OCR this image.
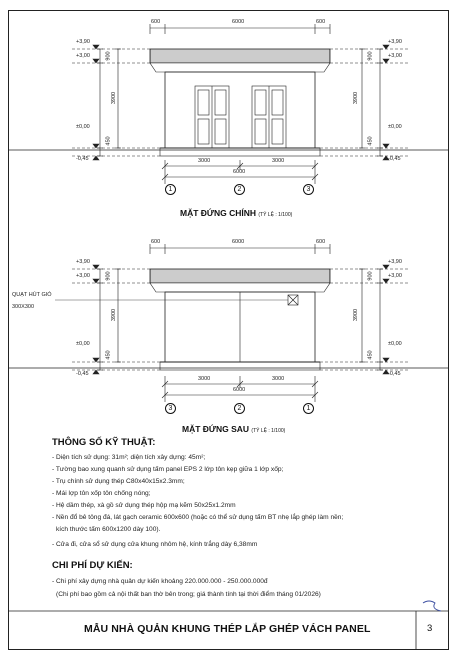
600	6000	600
+3,90
+3,00
±0,00
-0,45
+3,90
+3,00
±0,00
-0,45
900
3900
450
900
3900
450
3000	3000
6000
1	2	3
MẶT ĐỨNG CHÍNH (TỶ LỆ : 1/100)
600	6000	600
+3,90
+3,00
±0,00
-0,45
+3,90
+3,00
±0,00
-0,45
900
3900
450
900
3900
450
QUẠT HÚT GIÓ
300X300
3000	3000
6000
3	2	1
MẶT ĐỨNG SAU (TỶ LỆ : 1/100)
THÔNG SỐ KỸ THUẬT:
- Diện tích sử dụng: 31m²; diện tích xây dựng: 45m²;
- Tường bao xung quanh sử dụng tấm panel EPS 2 lớp tôn kẹp giữa 1 lớp xốp;
- Trụ chính sử dụng thép C80x40x15x2.3mm;
- Mái lợp tôn xốp tôn chống nóng;
- Hệ dầm thép, xà gồ sử dụng thép hộp mạ kẽm 50x25x1.2mm
- Nền đổ bê tông đá, lát gạch ceramic 600x600 (hoặc có thể sử dụng tấm BT nhẹ lắp ghép làm nền;
kích thước tấm 600x1200 dày 100).
- Cửa đi, cửa sổ sử dụng cửa khung nhôm hệ, kính trắng dày 6,38mm
CHI PHÍ DỰ KIẾN:
- Chi phí xây dựng nhà quản dự kiến khoảng 220.000.000 - 250.000.000đ
(Chi phí bao gồm cả nội thất ban thờ bên trong; giá thành tính tại thời điểm tháng 01/2026)
MẪU NHÀ QUẢN KHUNG THÉP LẮP GHÉP VÁCH PANEL	3
